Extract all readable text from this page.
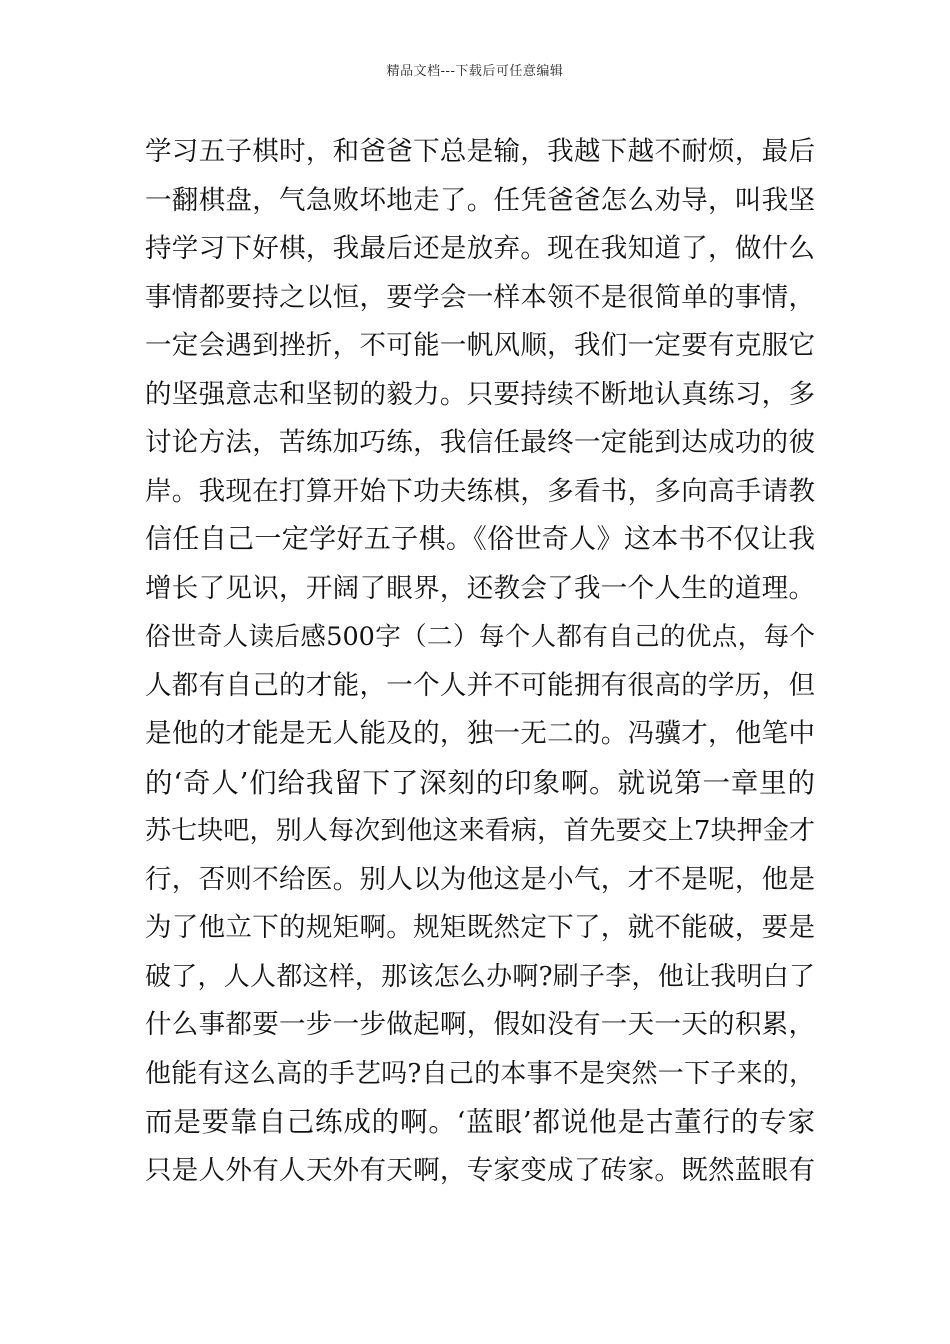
精品文档---下载后可任意编辑
学习五子棋时，和爸爸下总是输，我越下越不耐烦，最后
一翻棋盘，气急败坏地走了。任凭爸爸怎么劝导，叫我坚
持学习下好棋，我最后还是放弃。现在我知道了，做什么
事情都要持之以恒，要学会一样本领不是很简单的事情，
一定会遇到挫折，不可能一帆风顺，我们一定要有克服它
的坚强意志和坚韧的毅力。只要持续不断地认真练习，多
讨论方法，苦练加巧练，我信任最终一定能到达成功的彼
岸。我现在打算开始下功夫练棋，多看书，多向高手请教
信任自己一定学好五子棋。《俗世奇人》这本书不仅让我
增长了见识，开阔了眼界，还教会了我一个人生的道理。
俗世奇人读后感500字（二）每个人都有自己的优点，每个
人都有自己的才能，一个人并不可能拥有很高的学历，但
是他的才能是无人能及的，独一无二的。冯骥才，他笔中
的‘奇人’们给我留下了深刻的印象啊。就说第一章里的
苏七块吧，别人每次到他这来看病，首先要交上7块押金才
行，否则不给医。别人以为他这是小气，才不是呢，他是
为了他立下的规矩啊。规矩既然定下了，就不能破，要是
破了，人人都这样，那该怎么办啊?刷子李，他让我明白了
什么事都要一步一步做起啊，假如没有一天一天的积累，
他能有这么高的手艺吗?自己的本事不是突然一下子来的，
而是要靠自己练成的啊。‘蓝眼’都说他是古董行的专家
只是人外有人天外有天啊，专家变成了砖家。既然蓝眼有
